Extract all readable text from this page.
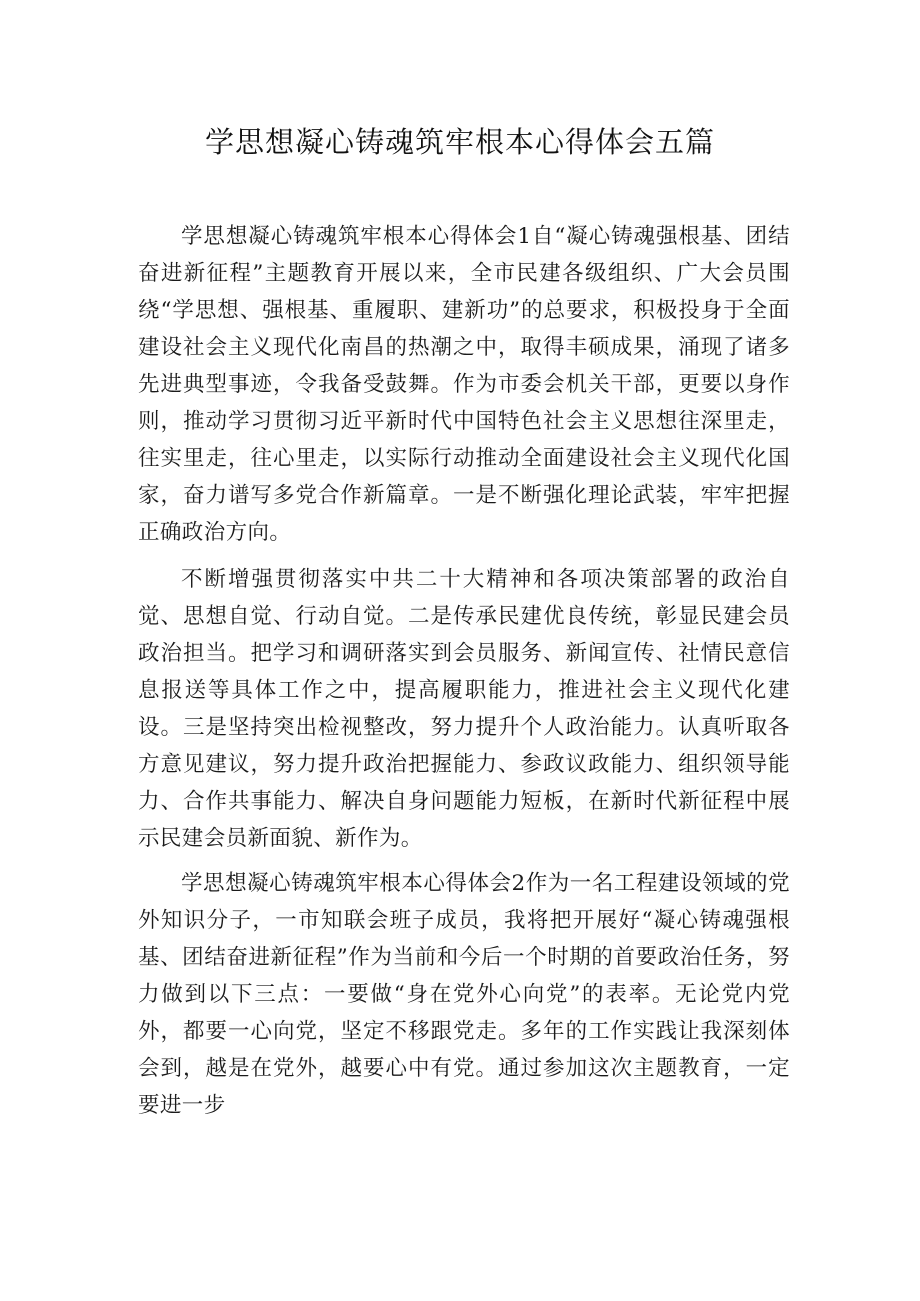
学思想凝心铸魂筑牢根本心得体会五篇

学思想凝心铸魂筑牢根本心得体会1自“凝心铸魂强根基、团结奋进新征程”主题教育开展以来，全市民建各级组织、广大会员围绕“学思想、强根基、重履职、建新功”的总要求，积极投身于全面建设社会主义现代化南昌的热潮之中，取得丰硕成果，涌现了诸多先进典型事迹，令我备受鼓舞。作为市委会机关干部，更要以身作则，推动学习贯彻习近平新时代中国特色社会主义思想往深里走，往实里走，往心里走，以实际行动推动全面建设社会主义现代化国家，奋力谱写多党合作新篇章。一是不断强化理论武装，牢牢把握正确政治方向。

不断增强贯彻落实中共二十大精神和各项决策部署的政治自觉、思想自觉、行动自觉。二是传承民建优良传统，彰显民建会员政治担当。把学习和调研落实到会员服务、新闻宣传、社情民意信息报送等具体工作之中，提高履职能力，推进社会主义现代化建设。三是坚持突出检视整改，努力提升个人政治能力。认真听取各方意见建议，努力提升政治把握能力、参政议政能力、组织领导能力、合作共事能力、解决自身问题能力短板，在新时代新征程中展示民建会员新面貌、新作为。

学思想凝心铸魂筑牢根本心得体会2作为一名工程建设领域的党外知识分子，一市知联会班子成员，我将把开展好“凝心铸魂强根基、团结奋进新征程”作为当前和今后一个时期的首要政治任务，努力做到以下三点：一要做“身在党外心向党”的表率。无论党内党外，都要一心向党，坚定不移跟党走。多年的工作实践让我深刻体会到，越是在党外，越要心中有党。通过参加这次主题教育，一定要进一步
